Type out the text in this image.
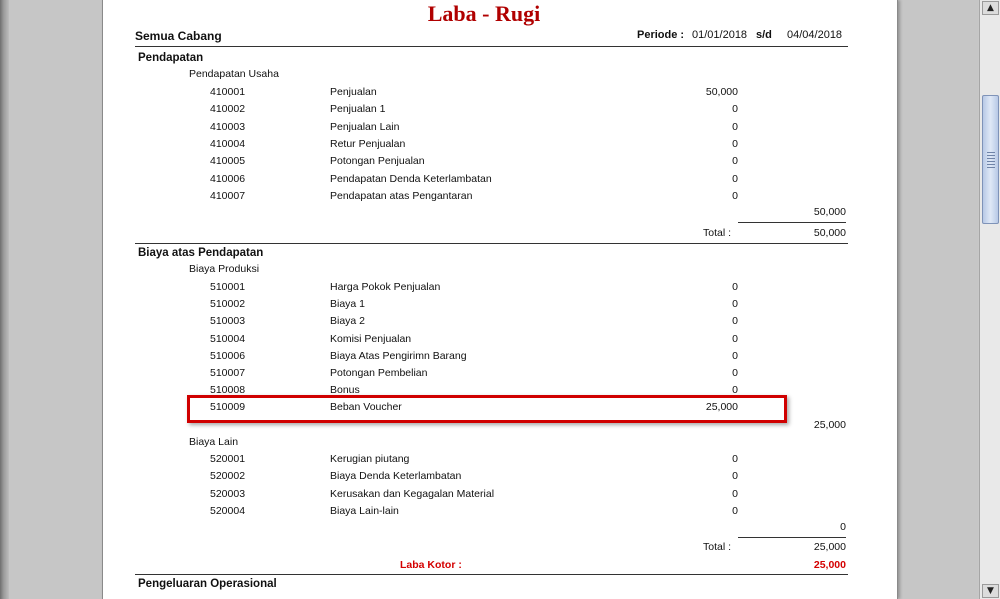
Laba - Rugi
Semua Cabang	Periode : 01/01/2018 s/d 04/04/2018
Pendapatan
Pendapatan Usaha
410001	Penjualan	50,000
410002	Penjualan 1	0
410003	Penjualan Lain	0
410004	Retur Penjualan	0
410005	Potongan Penjualan	0
410006	Pendapatan Denda Keterlambatan	0
410007	Pendapatan atas Pengantaran	0
50,000
Total :	50,000
Biaya atas Pendapatan
Biaya Produksi
510001	Harga Pokok Penjualan	0
510002	Biaya 1	0
510003	Biaya 2	0
510004	Komisi Penjualan	0
510006	Biaya Atas Pengirimn Barang	0
510007	Potongan Pembelian	0
510008	Bonus	0
510009	Beban Voucher	25,000
25,000
Biaya Lain
520001	Kerugian piutang	0
520002	Biaya Denda Keterlambatan	0
520003	Kerusakan dan Kegagalan Material	0
520004	Biaya Lain-lain	0
0
Total :	25,000
Laba Kotor :	25,000
Pengeluaran Operasional
▲
▼
